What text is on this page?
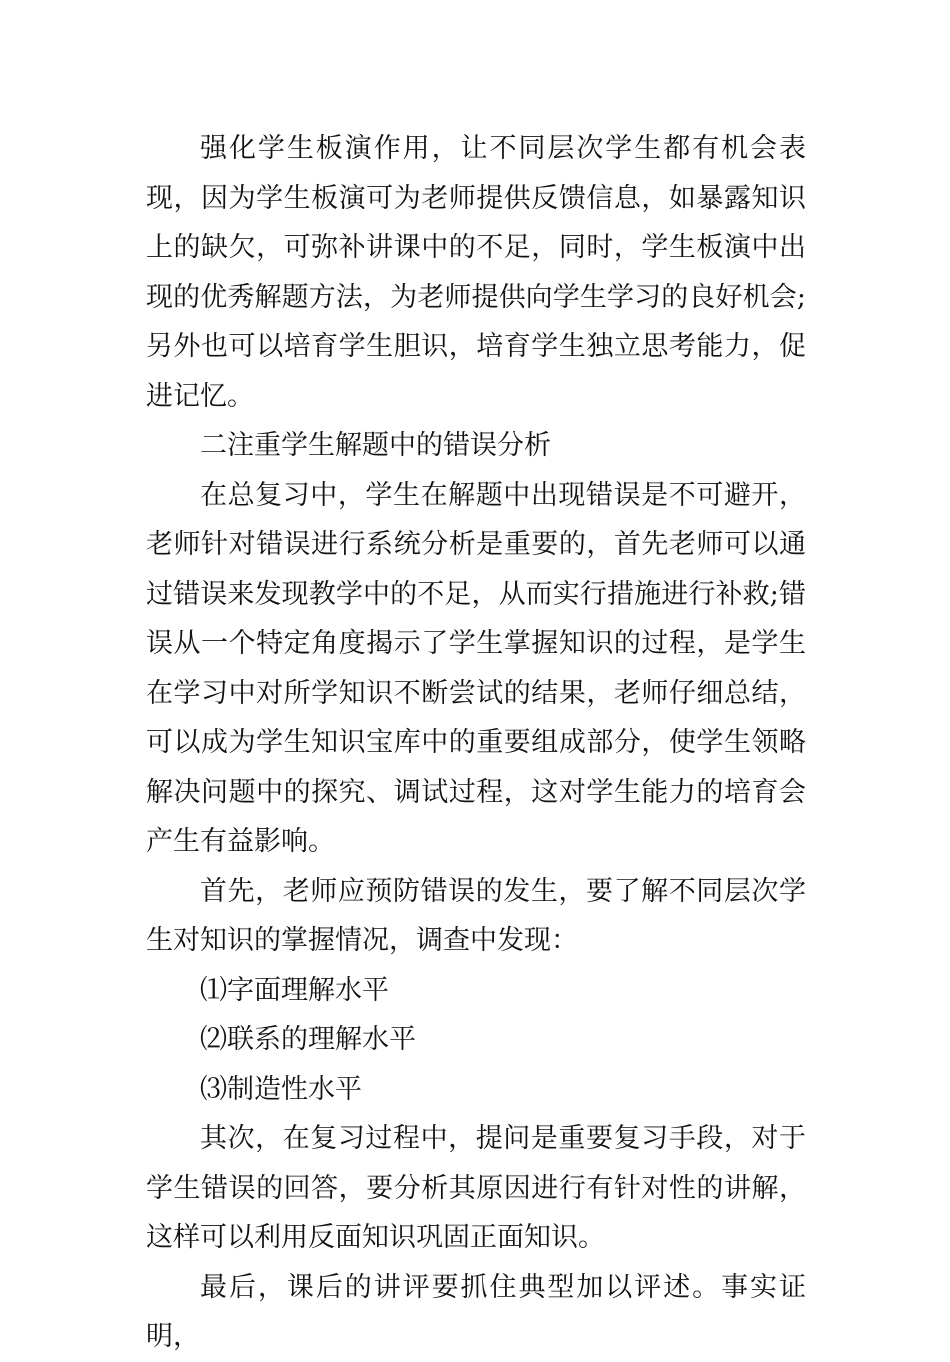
强化学生板演作用，让不同层次学生都有机会表现，因为学生板演可为老师提供反馈信息，如暴露知识上的缺欠，可弥补讲课中的不足，同时，学生板演中出现的优秀解题方法，为老师提供向学生学习的良好机会;另外也可以培育学生胆识，培育学生独立思考能力，促进记忆。

二注重学生解题中的错误分析

在总复习中，学生在解题中出现错误是不可避开，老师针对错误进行系统分析是重要的，首先老师可以通过错误来发现教学中的不足，从而实行措施进行补救;错误从一个特定角度揭示了学生掌握知识的过程，是学生在学习中对所学知识不断尝试的结果，老师仔细总结，可以成为学生知识宝库中的重要组成部分，使学生领略解决问题中的探究、调试过程，这对学生能力的培育会产生有益影响。

首先，老师应预防错误的发生，要了解不同层次学生对知识的掌握情况，调查中发现：

⑴字面理解水平

⑵联系的理解水平

⑶制造性水平

其次，在复习过程中，提问是重要复习手段，对于学生错误的回答，要分析其原因进行有针对性的讲解，这样可以利用反面知识巩固正面知识。

最后，课后的讲评要抓住典型加以评述。事实证明，
